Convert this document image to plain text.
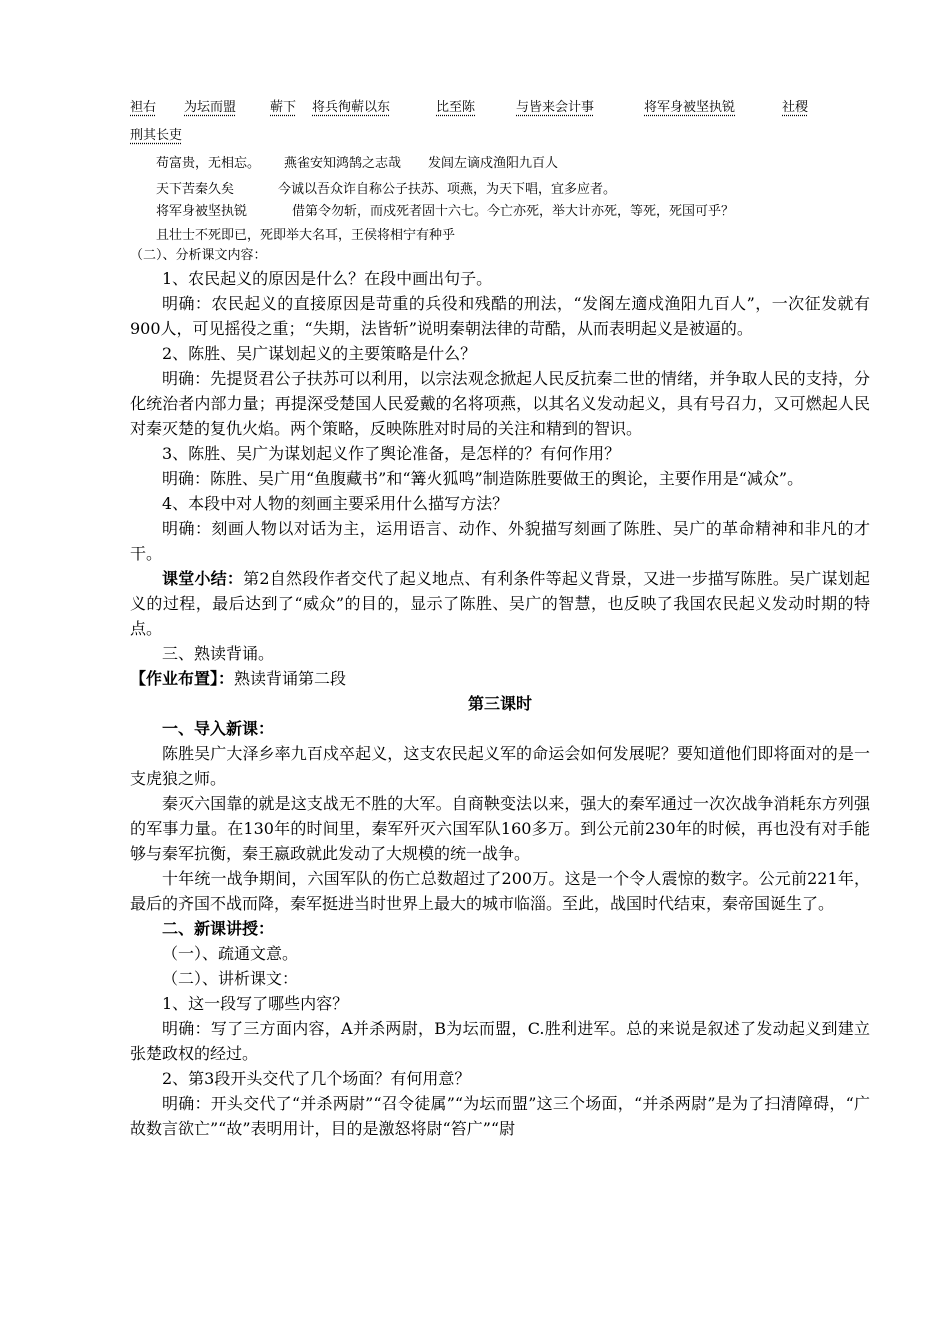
袒右 为坛而盟	蕲下 将兵徇蕲以东	比至陈	与皆来会计事	将军身被坚执锐	社稷
刑其长吏
苟富贵，无相忘。 燕雀安知鸿鹄之志哉 发闾左谪戍渔阳九百人
天下苦秦久矣	今诚以吾众诈自称公子扶苏、项燕，为天下唱，宜多应者。
将军身被坚执锐	借第令勿斩，而戍死者固十六七。今亡亦死，举大计亦死，等死，死国可乎？
且壮士不死即已，死即举大名耳，王侯将相宁有种乎
（二）、分析课文内容：

1、农民起义的原因是什么？在段中画出句子。

明确：农民起义的直接原因是苛重的兵役和残酷的刑法，“发阁左適戍渔阳九百人”，一次征发就有900人，可见摇役之重；“失期，法皆斩”说明秦朝法律的苛酷，从而表明起义是被逼的。

2、陈胜、吴广谋划起义的主要策略是什么？

明确：先提贤君公子扶苏可以利用，以宗法观念掀起人民反抗秦二世的情绪，并争取人民的支持，分化统治者内部力量；再提深受楚国人民爱戴的名将项燕，以其名义发动起义，具有号召力，又可燃起人民对秦灭楚的复仇火焰。两个策略，反映陈胜对时局的关注和精到的智识。

3、陈胜、吴广为谋划起义作了舆论准备，是怎样的？有何作用？

明确：陈胜、吴广用“鱼腹藏书”和“篝火狐鸣”制造陈胜要做王的舆论，主要作用是“减众”。

4、本段中对人物的刻画主要采用什么描写方法？

明确：刻画人物以对话为主，运用语言、动作、外貌描写刻画了陈胜、吴广的革命精神和非凡的才干。

课堂小结：第2自然段作者交代了起义地点、有利条件等起义背景，又进一步描写陈胜。吴广谋划起义的过程，最后达到了“威众”的目的，显示了陈胜、吴广的智慧，也反映了我国农民起义发动时期的特点。

三、熟读背诵。

【作业布置】：熟读背诵第二段

第三课时

一、导入新课：

陈胜吴广大泽乡率九百戍卒起义，这支农民起义军的命运会如何发展呢？要知道他们即将面对的是一支虎狼之师。

秦灭六国靠的就是这支战无不胜的大军。自商鞅变法以来，强大的秦军通过一次次战争消耗东方列强的军事力量。在130年的时间里，秦军歼灭六国军队160多万。到公元前230年的时候，再也没有对手能够与秦军抗衡，秦王嬴政就此发动了大规模的统一战争。

十年统一战争期间，六国军队的伤亡总数超过了200万。这是一个令人震惊的数字。公元前221年，最后的齐国不战而降，秦军挺进当时世界上最大的城市临淄。至此，战国时代结束，秦帝国诞生了。

二、新课讲授：

（一）、疏通文意。

（二）、讲析课文：

1、这一段写了哪些内容？

明确：写了三方面内容，A并杀两尉，B为坛而盟，C.胜利进军。总的来说是叙述了发动起义到建立张楚政权的经过。

2、第3段开头交代了几个场面？有何用意？

明确：开头交代了“并杀两尉”“召令徒属”“为坛而盟”这三个场面，“并杀两尉”是为了扫清障碍，“广故数言欲亡”“故”表明用计，目的是激怒将尉“笞广”“尉
